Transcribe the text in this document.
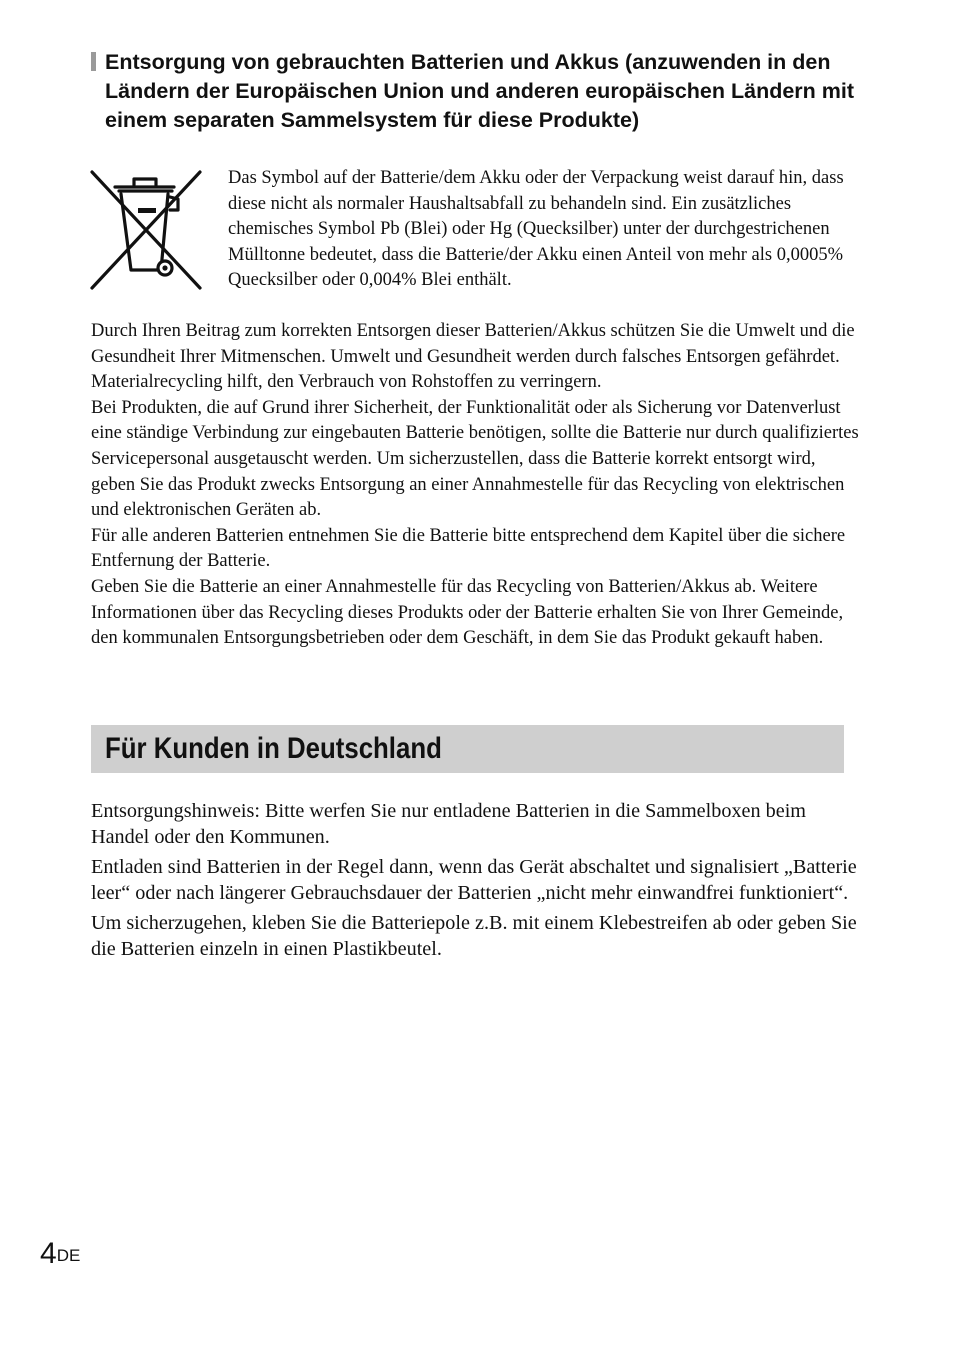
Entsorgung von gebrauchten Batterien und Akkus (anzuwenden in den Ländern der Europäischen Union und anderen europäischen Ländern mit einem separaten Sammelsystem für diese Produkte)

Das Symbol auf der Batterie/dem Akku oder der Verpackung weist darauf hin, dass diese nicht als normaler Haushaltsabfall zu behandeln sind. Ein zusätzliches chemisches Symbol Pb (Blei) oder Hg (Quecksilber) unter der durchgestrichenen Mülltonne bedeutet, dass die Batterie/der Akku einen Anteil von mehr als 0,0005% Quecksilber oder 0,004% Blei enthält.

Durch Ihren Beitrag zum korrekten Entsorgen dieser Batterien/Akkus schützen Sie die Umwelt und die Gesundheit Ihrer Mitmenschen. Umwelt und Gesundheit werden durch falsches Entsorgen gefährdet. Materialrecycling hilft, den Verbrauch von Rohstoffen zu verringern.

Bei Produkten, die auf Grund ihrer Sicherheit, der Funktionalität oder als Sicherung vor Datenverlust eine ständige Verbindung zur eingebauten Batterie benötigen, sollte die Batterie nur durch qualifiziertes Servicepersonal ausgetauscht werden. Um sicherzustellen, dass die Batterie korrekt entsorgt wird, geben Sie das Produkt zwecks Entsorgung an einer Annahmestelle für das Recycling von elektrischen und elektronischen Geräten ab.

Für alle anderen Batterien entnehmen Sie die Batterie bitte entsprechend dem Kapitel über die sichere Entfernung der Batterie.

Geben Sie die Batterie an einer Annahmestelle für das Recycling von Batterien/Akkus ab. Weitere Informationen über das Recycling dieses Produkts oder der Batterie erhalten Sie von Ihrer Gemeinde, den kommunalen Entsorgungsbetrieben oder dem Geschäft, in dem Sie das Produkt gekauft haben.

Für Kunden in Deutschland

Entsorgungshinweis: Bitte werfen Sie nur entladene Batterien in die Sammelboxen beim Handel oder den Kommunen.

Entladen sind Batterien in der Regel dann, wenn das Gerät abschaltet und signalisiert „Batterie leer“ oder nach längerer Gebrauchsdauer der Batterien „nicht mehr einwandfrei funktioniert“.

Um sicherzugehen, kleben Sie die Batteriepole z.B. mit einem Klebestreifen ab oder geben Sie die Batterien einzeln in einen Plastikbeutel.

4DE
